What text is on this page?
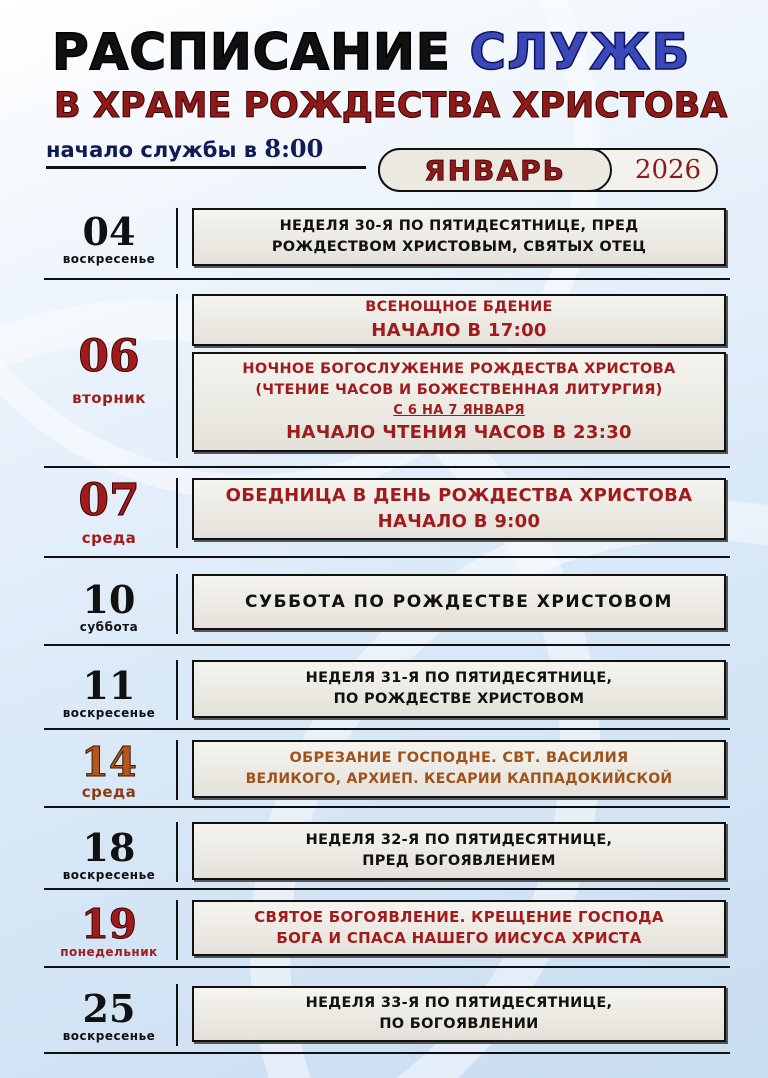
РАСПИСАНИЕ СЛУЖБ
В ХРАМЕ РОЖДЕСТВА ХРИСТОВА
начало службы в 8:00
ЯНВАРЬ	2026
04
воскресенье
НЕДЕЛЯ 30-Я ПО ПЯТИДЕСЯТНИЦЕ, ПРЕД
РОЖДЕСТВОМ ХРИСТОВЫМ, СВЯТЫХ ОТЕЦ
06
вторник
ВСЕНОЩНОЕ БДЕНИЕ
НАЧАЛО В 17:00
НОЧНОЕ БОГОСЛУЖЕНИЕ РОЖДЕСТВА ХРИСТОВА
(ЧТЕНИЕ ЧАСОВ И БОЖЕСТВЕННАЯ ЛИТУРГИЯ)
С 6 НА 7 ЯНВАРЯ
НАЧАЛО ЧТЕНИЯ ЧАСОВ В 23:30
07
среда
ОБЕДНИЦА В ДЕНЬ РОЖДЕСТВА ХРИСТОВА
НАЧАЛО В 9:00
10
суббота
СУББОТА ПО РОЖДЕСТВЕ ХРИСТОВОМ
11
воскресенье
НЕДЕЛЯ 31-Я ПО ПЯТИДЕСЯТНИЦЕ,
ПО РОЖДЕСТВЕ ХРИСТОВОМ
14
среда
ОБРЕЗАНИЕ ГОСПОДНЕ. СВТ. ВАСИЛИЯ
ВЕЛИКОГО, АРХИЕП. КЕСАРИИ КАППАДОКИЙСКОЙ
18
воскресенье
НЕДЕЛЯ 32-Я ПО ПЯТИДЕСЯТНИЦЕ,
ПРЕД БОГОЯВЛЕНИЕМ
19
понедельник
СВЯТОЕ БОГОЯВЛЕНИЕ. КРЕЩЕНИЕ ГОСПОДА
БОГА И СПАСА НАШЕГО ИИСУСА ХРИСТА
25
воскресенье
НЕДЕЛЯ 33-Я ПО ПЯТИДЕСЯТНИЦЕ,
ПО БОГОЯВЛЕНИИ
